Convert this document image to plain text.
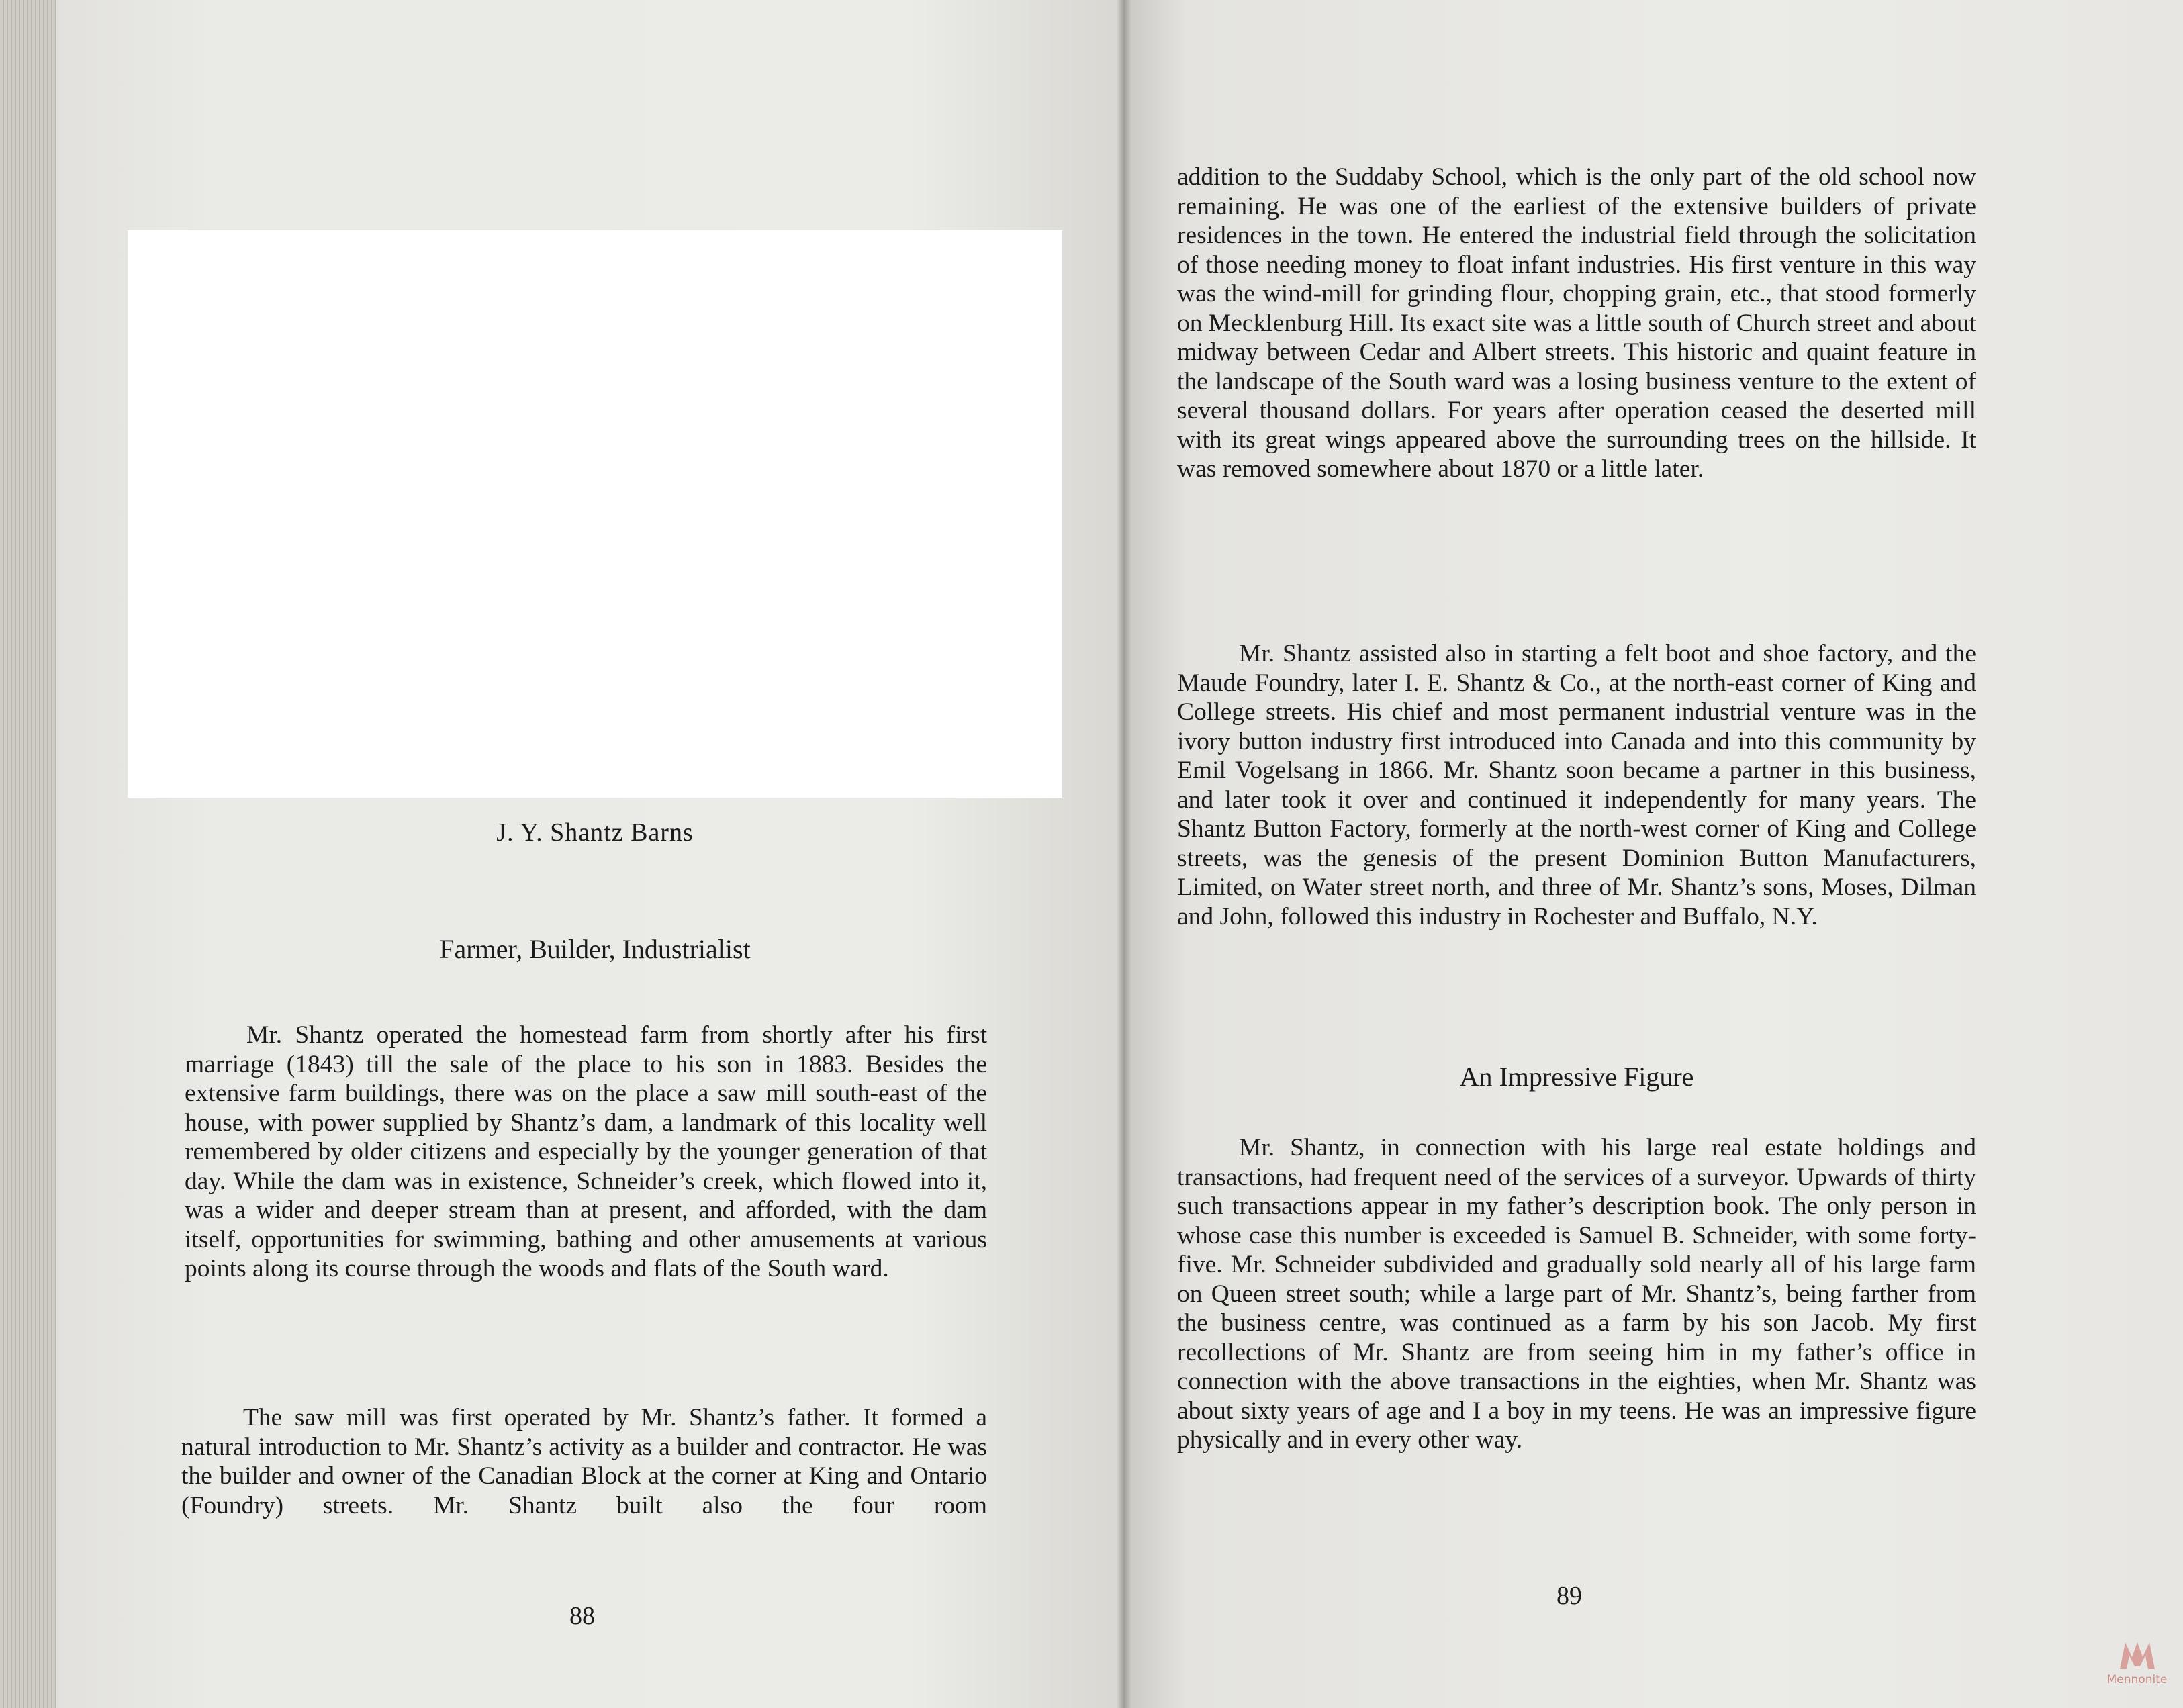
J. Y. Shantz Barns
Farmer, Builder, Industrialist

Mr. Shantz operated the homestead farm from shortly after his first marriage (1843) till the sale of the place to his son in 1883. Besides the extensive farm buildings, there was on the place a saw mill south-east of the house, with power supplied by Shantz’s dam, a landmark of this locality well remembered by older citizens and especially by the younger generation of that day. While the dam was in existence, Schneider’s creek, which flowed into it, was a wider and deeper stream than at present, and afforded, with the dam itself, opportunities for swimming, bathing and other amusements at various points along its course through the woods and flats of the South ward.

The saw mill was first operated by Mr. Shantz’s father. It formed a natural introduction to Mr. Shantz’s activity as a builder and contractor. He was the builder and owner of the Canadian Block at the corner at King and Ontario (Foundry) streets. Mr. Shantz built also the four room

88

addition to the Suddaby School, which is the only part of the old school now remaining. He was one of the earliest of the extensive builders of private residences in the town. He entered the industrial field through the solicitation of those needing money to float infant industries. His first venture in this way was the wind-mill for grinding flour, chopping grain, etc., that stood formerly on Mecklenburg Hill. Its exact site was a little south of Church street and about midway between Cedar and Albert streets. This historic and quaint feature in the landscape of the South ward was a losing business venture to the extent of several thousand dollars. For years after operation ceased the deserted mill with its great wings appeared above the surrounding trees on the hillside. It was removed somewhere about 1870 or a little later.

Mr. Shantz assisted also in starting a felt boot and shoe factory, and the Maude Foundry, later I. E. Shantz & Co., at the north-east corner of King and College streets. His chief and most permanent industrial venture was in the ivory button industry first introduced into Canada and into this community by Emil Vogelsang in 1866. Mr. Shantz soon became a partner in this business, and later took it over and continued it independently for many years. The Shantz Button Factory, formerly at the north-west corner of King and College streets, was the genesis of the present Dominion Button Manufacturers, Limited, on Water street north, and three of Mr. Shantz’s sons, Moses, Dilman and John, followed this industry in Rochester and Buffalo, N.Y.

An Impressive Figure

Mr. Shantz, in connection with his large real estate holdings and transactions, had frequent need of the services of a surveyor. Upwards of thirty such transactions appear in my father’s description book. The only person in whose case this number is exceeded is Samuel B. Schneider, with some forty-five. Mr. Schneider subdivided and gradually sold nearly all of his large farm on Queen street south; while a large part of Mr. Shantz’s, being farther from the business centre, was continued as a farm by his son Jacob. My first recollections of Mr. Shantz are from seeing him in my father’s office in connection with the above transactions in the eighties, when Mr. Shantz was about sixty years of age and I a boy in my teens. He was an impressive figure physically and in every other way.

89
Mennonite
